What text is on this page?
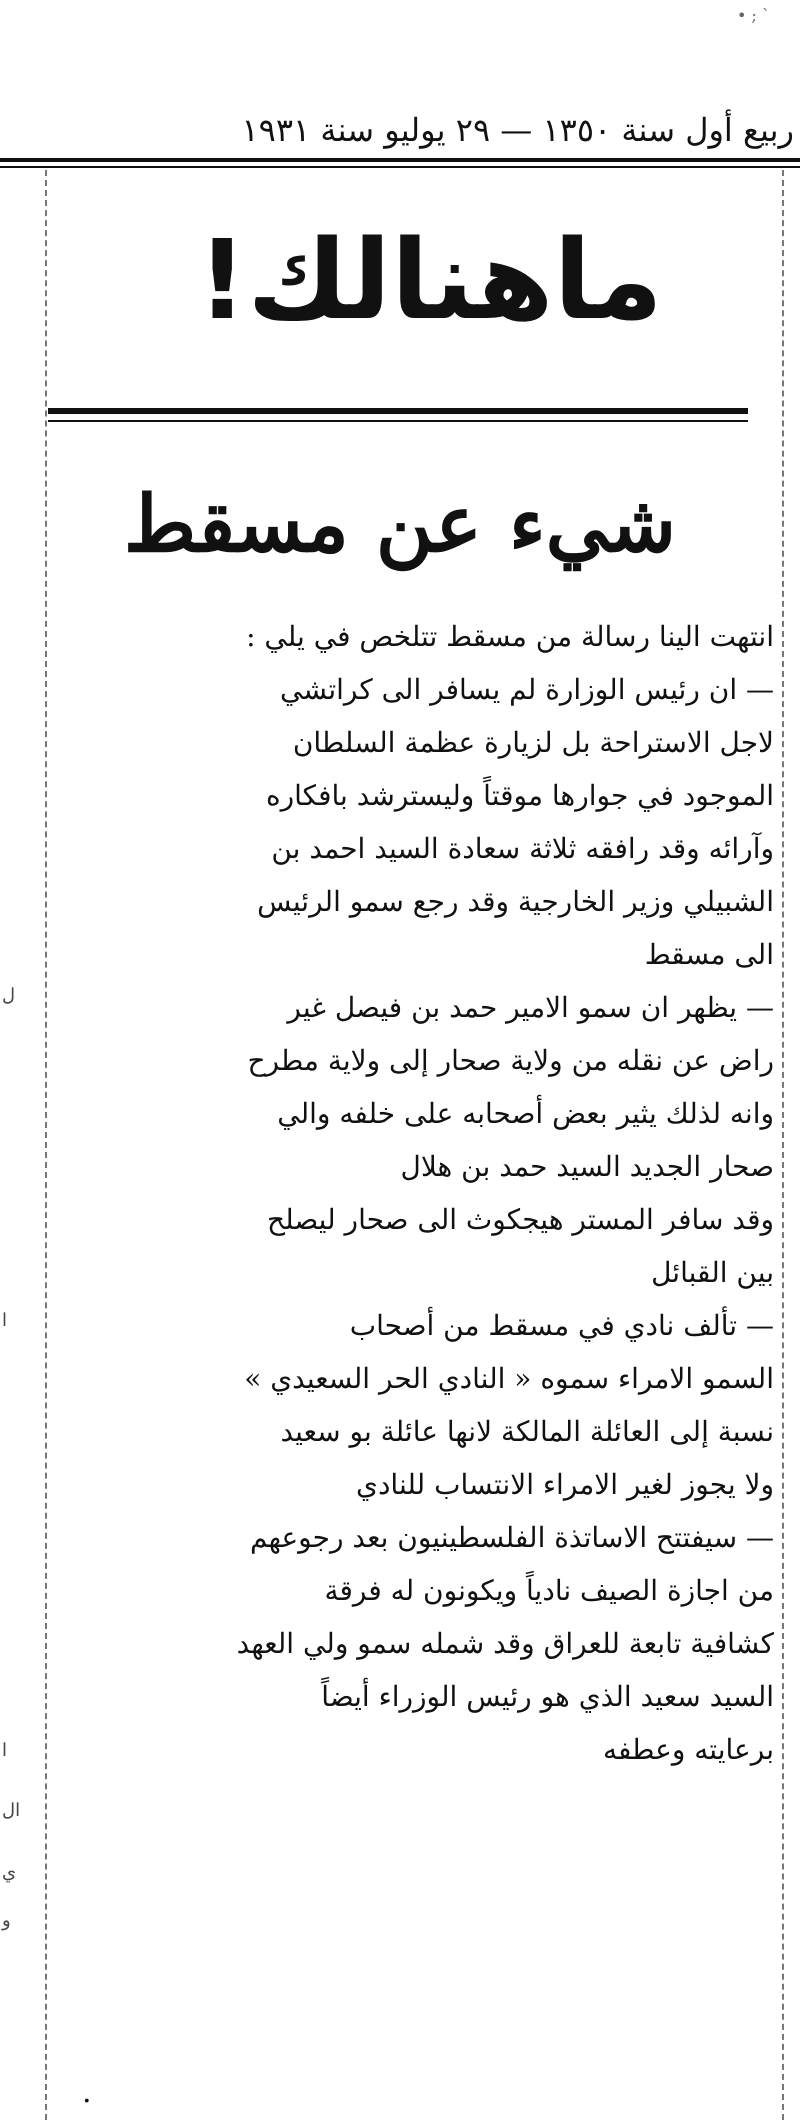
• ; `
ربيع أول سنة ١٣٥٠ — ٢٩ يوليو سنة ١٩٣١
ل
ا
ا
ال
ي
و
ماهنالك!
شيء عن مسقط

انتهت الينا رسالة من مسقط تتلخص في يلي :

— ان رئيس الوزارة لم يسافر الى كراتشي

لاجل الاستراحة بل لزيارة عظمة السلطان

الموجود في جوارها موقتاً وليسترشد بافكاره

وآرائه وقد رافقه ثلاثة سعادة السيد احمد بن

الشبيلي وزير الخارجية وقد رجع سمو الرئيس

الى مسقط

— يظهر ان سمو الامير حمد بن فيصل غير

راض عن نقله من ولاية صحار إلى ولاية مطرح

وانه لذلك يثير بعض أصحابه على خلفه والي

صحار الجديد السيد حمد بن هلال

وقد سافر المستر هيجكوث الى صحار ليصلح

بين القبائل

— تألف نادي في مسقط من أصحاب

السمو الامراء سموه « النادي الحر السعيدي »

نسبة إلى العائلة المالكة لانها عائلة بو سعيد

ولا يجوز لغير الامراء الانتساب للنادي

— سيفتتح الاساتذة الفلسطينيون بعد رجوعهم

من اجازة الصيف نادياً ويكونون له فرقة

كشافية تابعة للعراق وقد شمله سمو ولي العهد

السيد سعيد الذي هو رئيس الوزراء أيضاً

برعايته وعطفه

.
